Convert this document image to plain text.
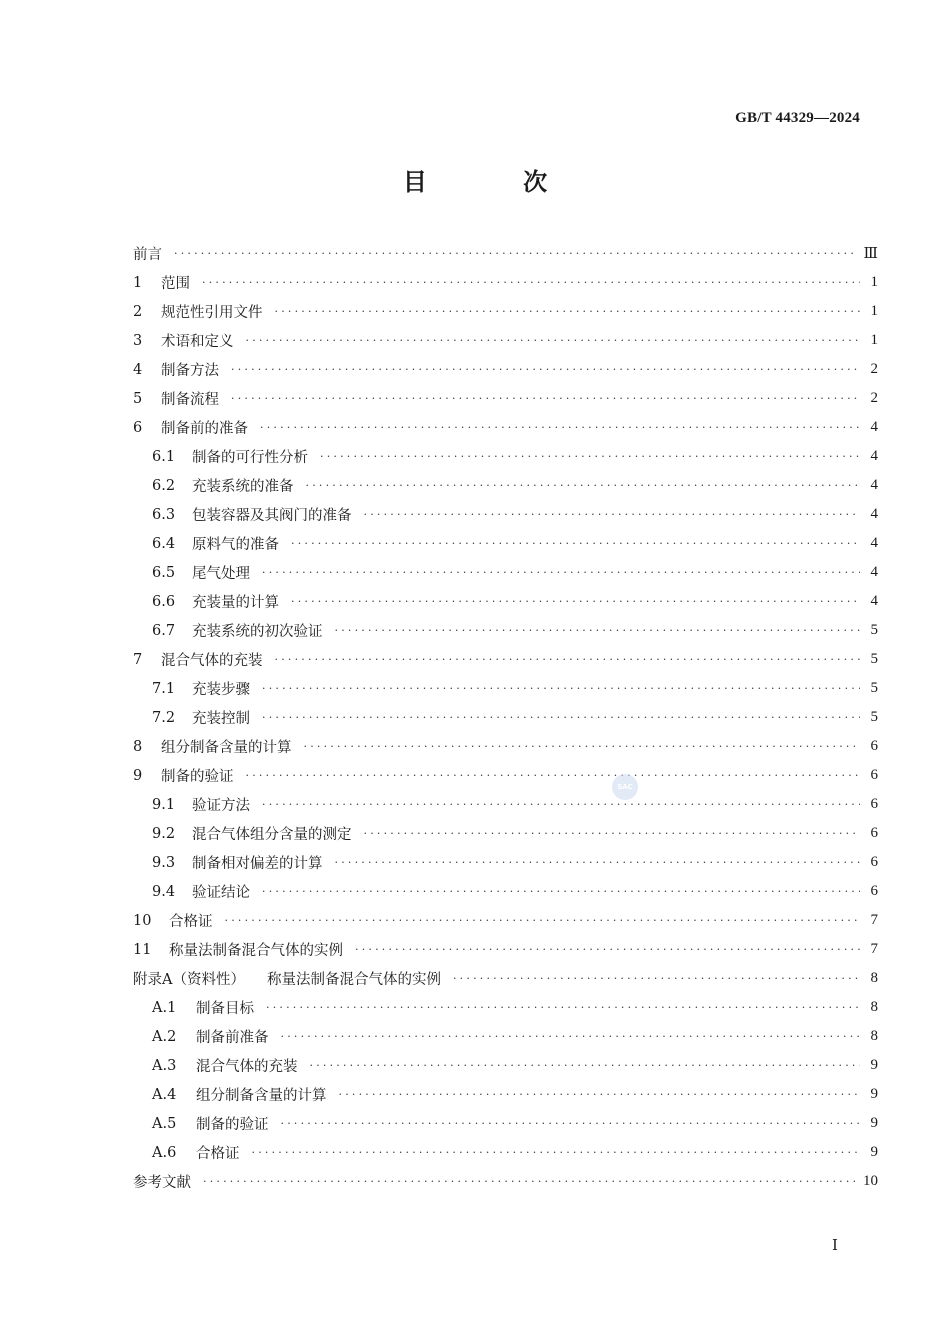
GB/T 44329—2024
目 次
前言 ·····	Ⅲ
1	范围 ·····	1
2	规范性引用文件 ·····	1
3	术语和定义 ·····	1
4	制备方法 ·····	2
5	制备流程 ·····	2
6	制备前的准备 ·····	4
6.1	制备的可行性分析 ·····	4
6.2	充装系统的准备 ·····	4
6.3	包装容器及其阀门的准备 ·····	4
6.4	原料气的准备 ·····	4
6.5	尾气处理 ·····	4
6.6	充装量的计算 ·····	4
6.7	充装系统的初次验证 ·····	5
7	混合气体的充装 ·····	5
7.1	充装步骤 ·····	5
7.2	充装控制 ·····	5
8	组分制备含量的计算 ·····	6
9	制备的验证 ·····	6
9.1	验证方法 ·····	6
9.2	混合气体组分含量的测定 ·····	6
9.3	制备相对偏差的计算 ·····	6
9.4	验证结论 ·····	6
10	合格证 ·····	7
11	称量法制备混合气体的实例 ·····	7
附录A（资料性） 称量法制备混合气体的实例 ·····	8
A.1	制备目标 ·····	8
A.2	制备前准备 ·····	8
A.3	混合气体的充装 ·····	9
A.4	组分制备含量的计算 ·····	9
A.5	制备的验证 ·····	9
A.6	合格证 ·····	9
参考文献 ·····	10
SAC
Ⅰ
